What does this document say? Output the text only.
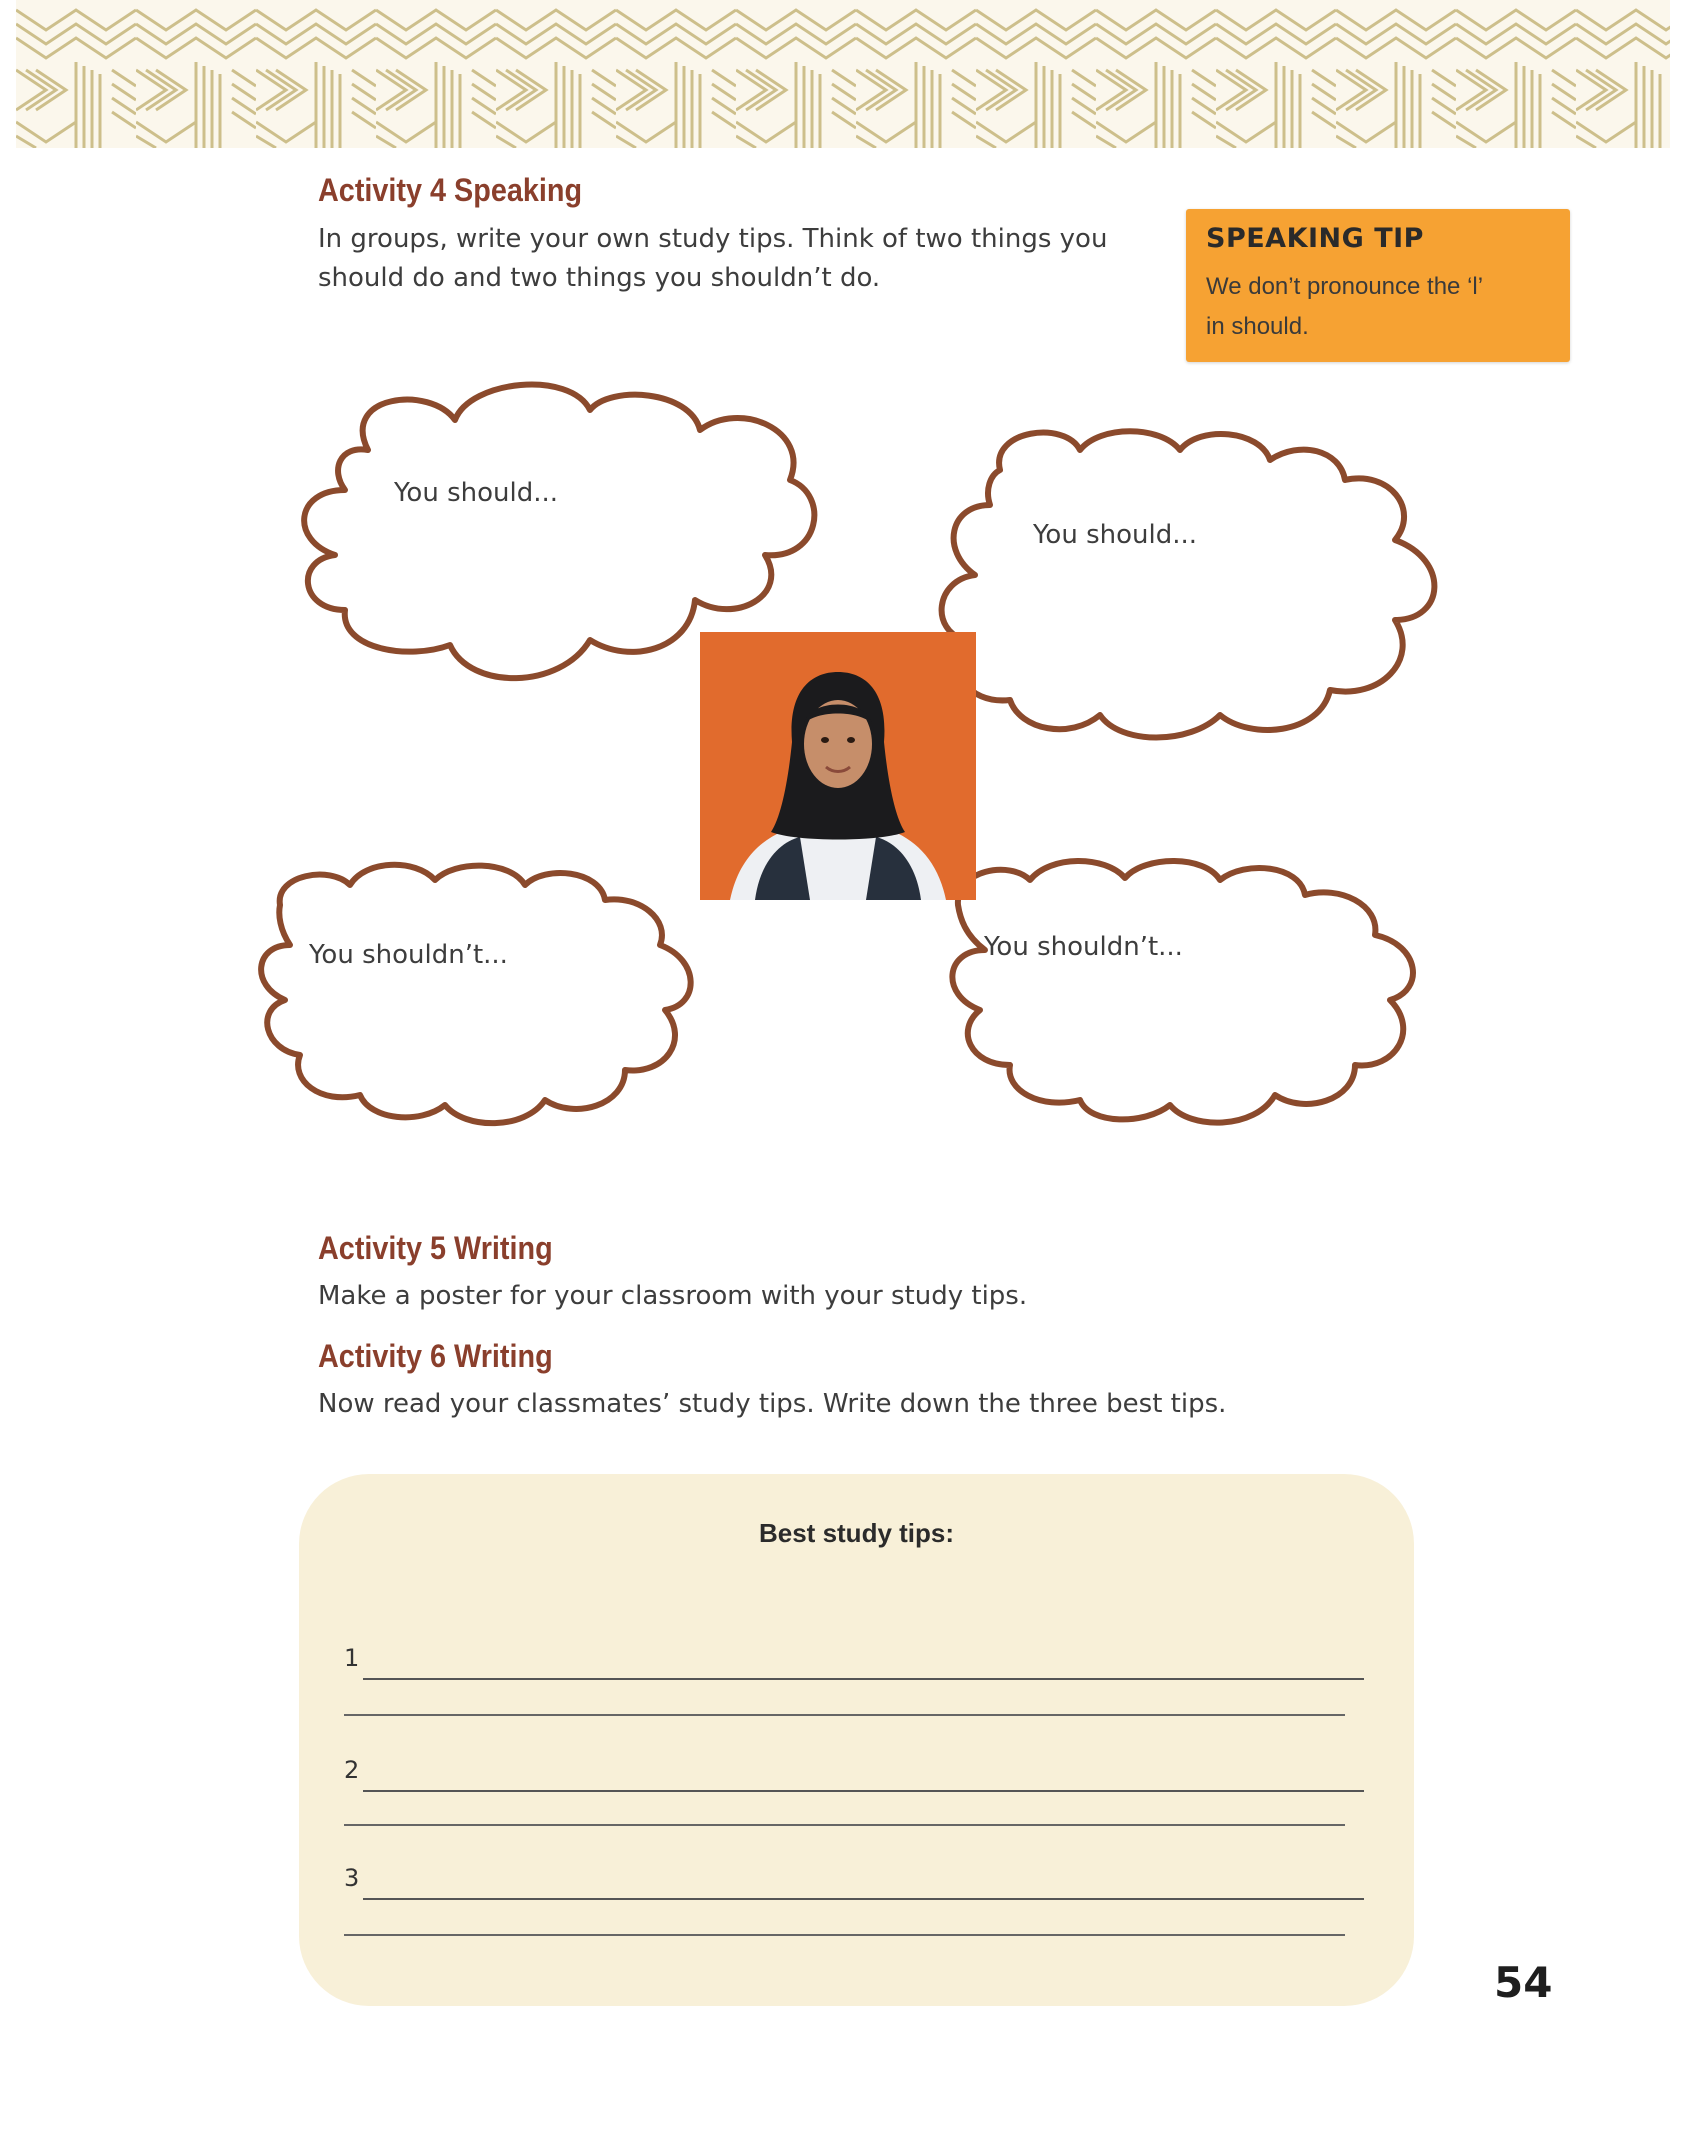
Activity 4 Speaking

In groups, write your own study tips. Think of two things you

should do and two things you shouldn’t do.

SPEAKING TIP

We don’t pronounce the ‘l’
in should.

You should...
You should...
You shouldn’t...	You shouldn’t...
Activity 5 Writing

Make a poster for your classroom with your study tips.

Activity 6 Writing

Now read your classmates’ study tips. Write down the three best tips.

Best study tips:

1
2
3

54
